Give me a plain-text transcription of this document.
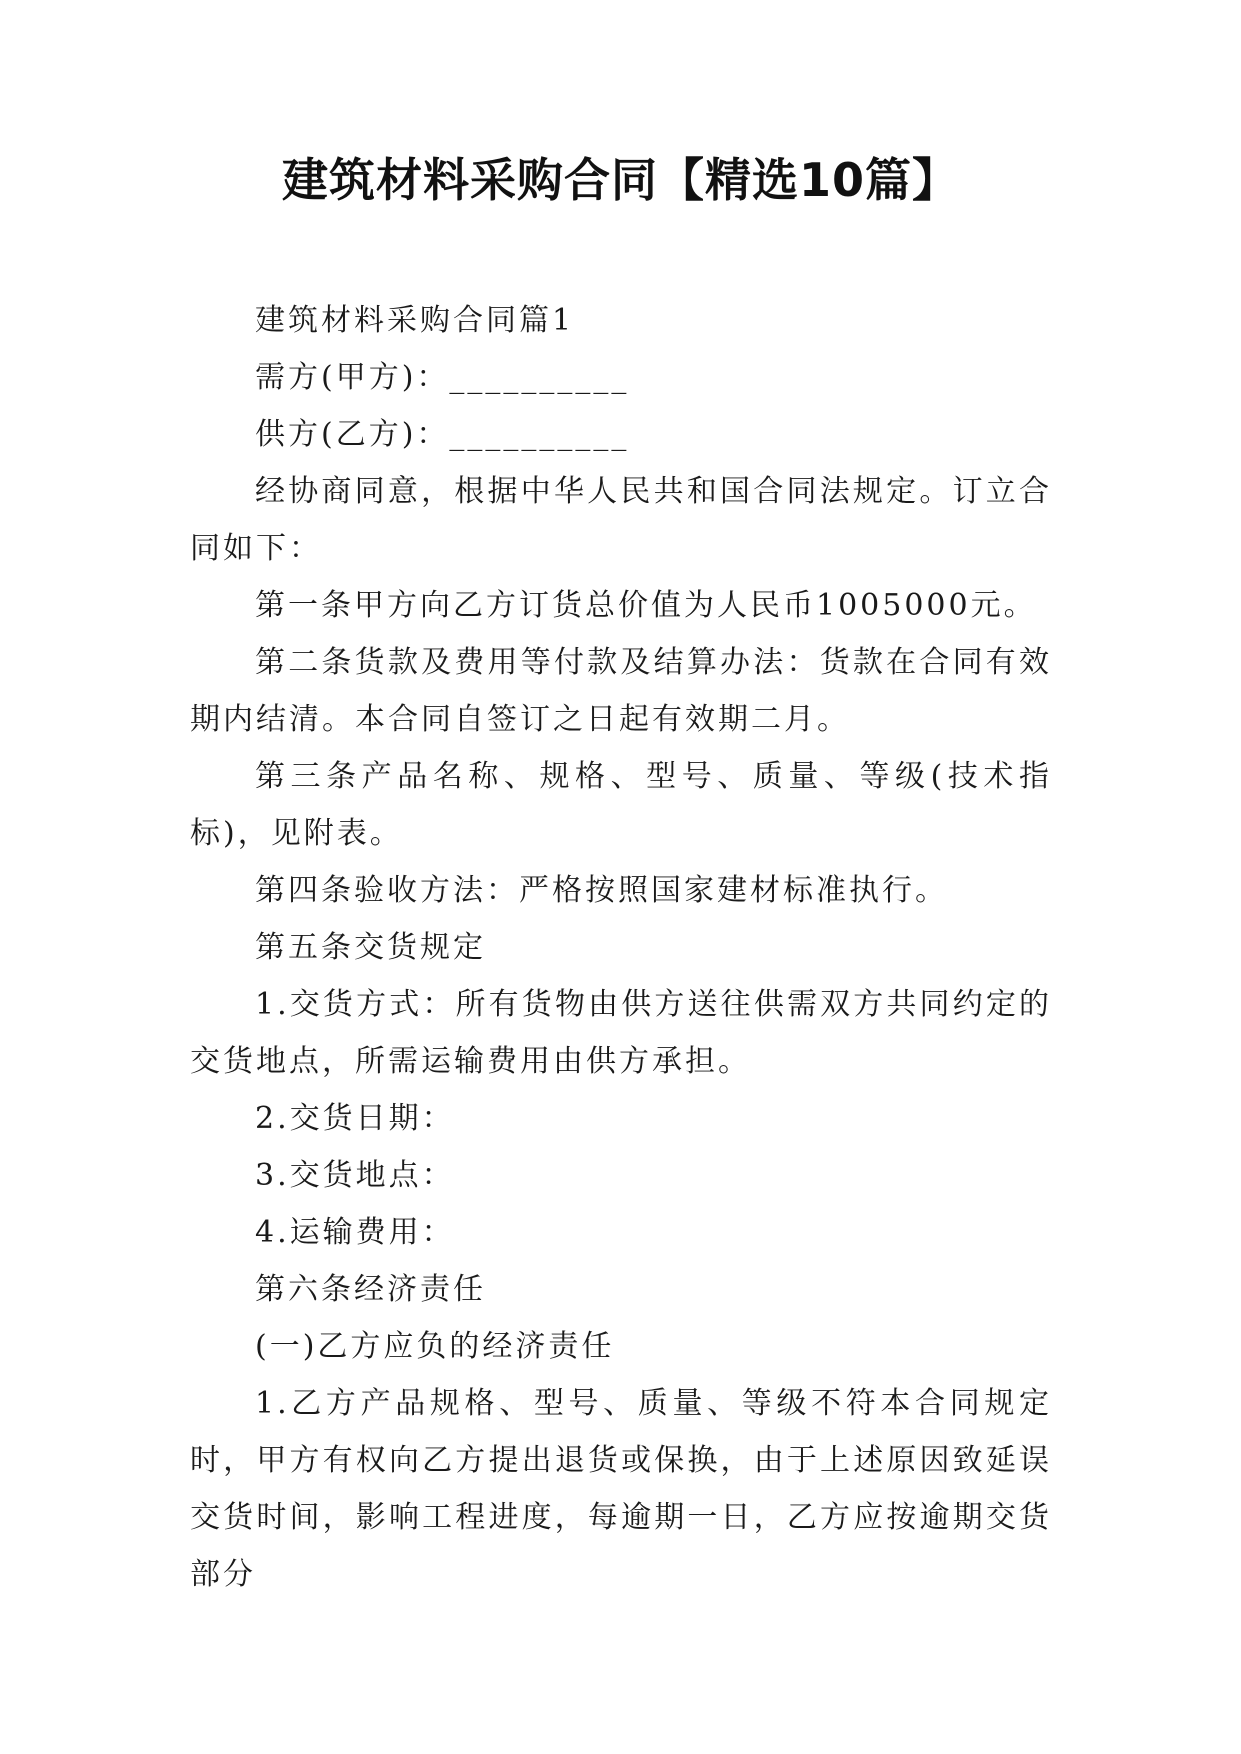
建筑材料采购合同【精选10篇】

建筑材料采购合同篇1

需方(甲方)：__________

供方(乙方)：__________

经协商同意，根据中华人民共和国合同法规定。订立合同如下：

第一条甲方向乙方订货总价值为人民币1005000元。

第二条货款及费用等付款及结算办法：货款在合同有效期内结清。本合同自签订之日起有效期二月。

第三条产品名称、规格、型号、质量、等级(技术指标)，见附表。

第四条验收方法：严格按照国家建材标准执行。

第五条交货规定

1.交货方式：所有货物由供方送往供需双方共同约定的交货地点，所需运输费用由供方承担。

2.交货日期：

3.交货地点：

4.运输费用：

第六条经济责任

(一)乙方应负的经济责任

1.乙方产品规格、型号、质量、等级不符本合同规定时，甲方有权向乙方提出退货或保换，由于上述原因致延误交货时间，影响工程进度，每逾期一日，乙方应按逾期交货部分
